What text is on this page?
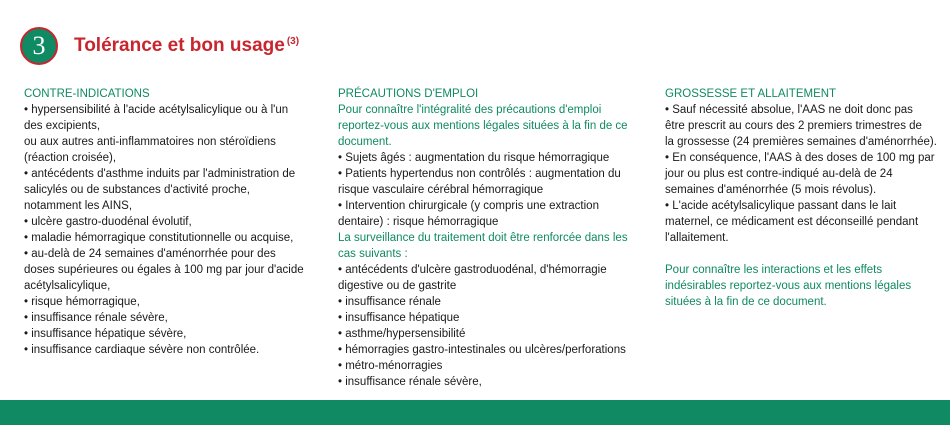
3	Tolérance et bon usage $^{(3)}$
CONTRE-INDICATIONS
• hypersensibilité à l'acide acétylsalicylique ou à l'un
des excipients,
ou aux autres anti-inflammatoires non stéroïdiens
(réaction croisée),
• antécédents d'asthme induits par l'administration de
salicylés ou de substances d'activité proche,
notamment les AINS,
• ulcère gastro-duodénal évolutif,
• maladie hémorragique constitutionnelle ou acquise,
• au-delà de 24 semaines d'aménorrhée pour des
doses supérieures ou égales à 100 mg par jour d'acide
acétylsalicylique,
• risque hémorragique,
• insuffisance rénale sévère,
• insuffisance hépatique sévère,
• insuffisance cardiaque sévère non contrôlée.
PRÉCAUTIONS D'EMPLOI
Pour connaître l'intégralité des précautions d'emploi
reportez-vous aux mentions légales situées à la fin de ce
document.
• Sujets âgés : augmentation du risque hémorragique
• Patients hypertendus non contrôlés : augmentation du
risque vasculaire cérébral hémorragique
• Intervention chirurgicale (y compris une extraction
dentaire) : risque hémorragique
La surveillance du traitement doit être renforcée dans les
cas suivants :
• antécédents d'ulcère gastroduodénal, d'hémorragie
digestive ou de gastrite
• insuffisance rénale
• insuffisance hépatique
• asthme/hypersensibilité
• hémorragies gastro-intestinales ou ulcères/perforations
• métro-ménorragies
• insuffisance rénale sévère,
GROSSESSE ET ALLAITEMENT
• Sauf nécessité absolue, l'AAS ne doit donc pas
être prescrit au cours des 2 premiers trimestres de
la grossesse (24 premières semaines d'aménorrhée).
• En conséquence, l'AAS à des doses de 100 mg par
jour ou plus est contre-indiqué au-delà de 24
semaines d'aménorrhée (5 mois révolus).
• L'acide acétylsalicylique passant dans le lait
maternel, ce médicament est déconseillé pendant
l'allaitement.
Pour connaître les interactions et les effets
indésirables reportez-vous aux mentions légales
situées à la fin de ce document.
